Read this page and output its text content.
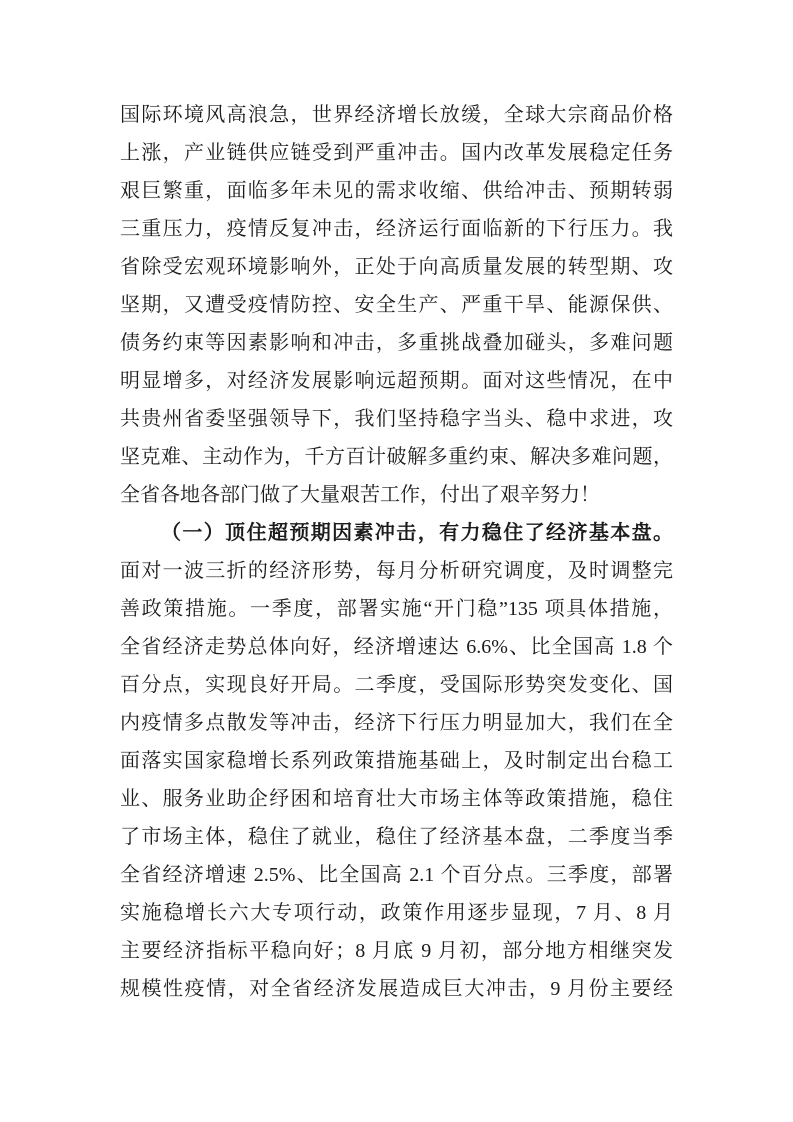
国际环境风高浪急，世界经济增长放缓，全球大宗商品价格
上涨，产业链供应链受到严重冲击。国内改革发展稳定任务
艰巨繁重，面临多年未见的需求收缩、供给冲击、预期转弱
三重压力，疫情反复冲击，经济运行面临新的下行压力。我
省除受宏观环境影响外，正处于向高质量发展的转型期、攻
坚期，又遭受疫情防控、安全生产、严重干旱、能源保供、
债务约束等因素影响和冲击，多重挑战叠加碰头，多难问题
明显增多，对经济发展影响远超预期。面对这些情况，在中
共贵州省委坚强领导下，我们坚持稳字当头、稳中求进，攻
坚克难、主动作为，千方百计破解多重约束、解决多难问题，
全省各地各部门做了大量艰苦工作，付出了艰辛努力！
（一）顶住超预期因素冲击，有力稳住了经济基本盘。
面对一波三折的经济形势，每月分析研究调度，及时调整完
善政策措施。一季度，部署实施“开门稳”135 项具体措施，
全省经济走势总体向好，经济增速达 6.6%、比全国高 1.8 个
百分点，实现良好开局。二季度，受国际形势突发变化、国
内疫情多点散发等冲击，经济下行压力明显加大，我们在全
面落实国家稳增长系列政策措施基础上，及时制定出台稳工
业、服务业助企纾困和培育壮大市场主体等政策措施，稳住
了市场主体，稳住了就业，稳住了经济基本盘，二季度当季
全省经济增速 2.5%、比全国高 2.1 个百分点。三季度，部署
实施稳增长六大专项行动，政策作用逐步显现，7 月、8 月
主要经济指标平稳向好；8 月底 9 月初，部分地方相继突发
规模性疫情，对全省经济发展造成巨大冲击，9 月份主要经
